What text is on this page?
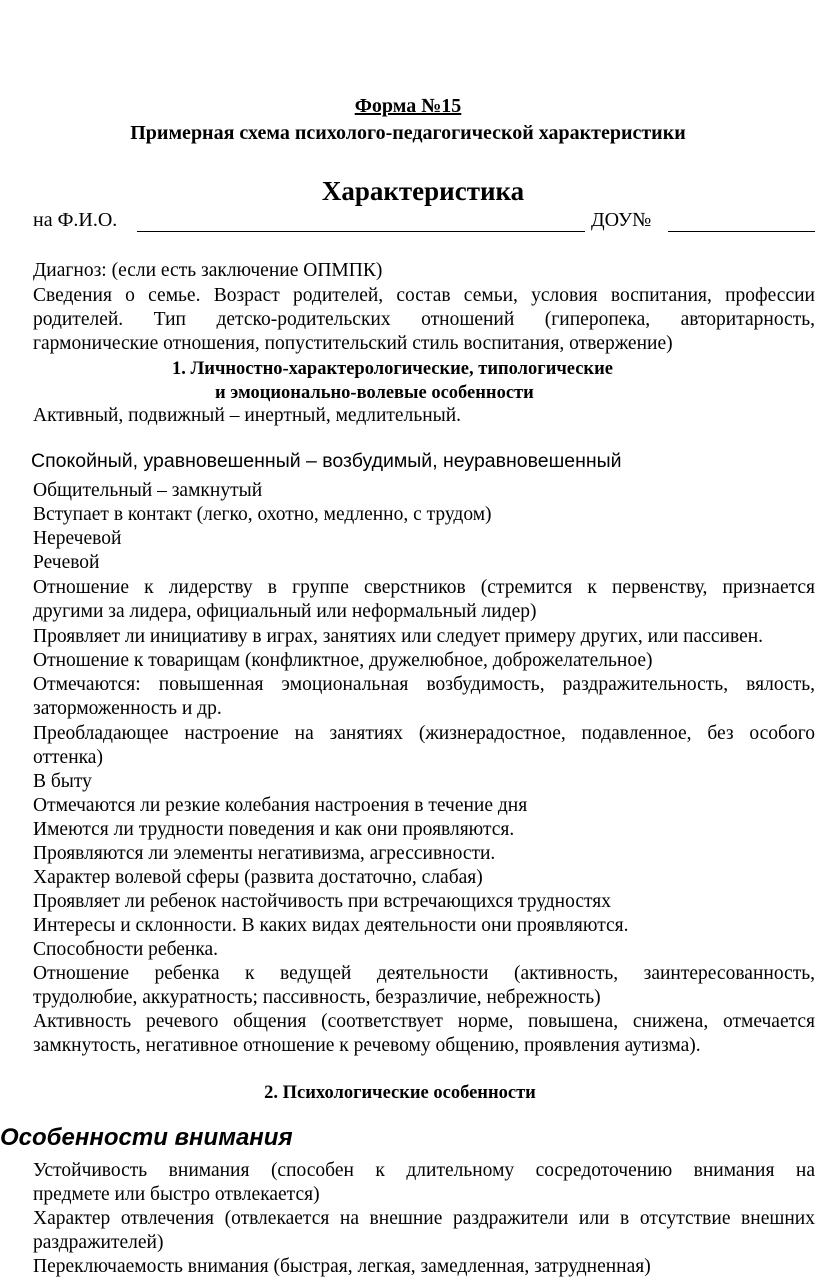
Форма №15
Примерная схема психолого-педагогической характеристики
Характеристика
на Ф.И.О.	ДОУ№
Диагноз: (если есть заключение ОПМПК)
Сведения о семье. Возраст родителей, состав семьи, условия воспитания, професcии
родителей. Тип детско-родительских отношений (гиперопека, авторитарность,
гармонические отношения, попустительский стиль воспитания, отвержение)
1. Личностно-характерологические, типологические
и эмоционально-волевые особенности
Активный, подвижный – инертный, медлительный.
Спокойный, уравновешенный – возбудимый, неуравновешенный
Общительный – замкнутый
Вступает в контакт (легко, охотно, медленно, с трудом)
Неречевой
Речевой
Отношение к лидерству в группе сверстников (стремится к первенству, признается
другими за лидера, официальный или неформальный лидер)
Проявляет ли инициативу в играх, занятиях или следует примеру других, или пассивен.
Отношение к товарищам (конфликтное, дружелюбное, доброжелательное)
Отмечаются: повышенная эмоциональная возбудимость, раздражительность, вялость,
заторможенность и др.
Преобладающее настроение на занятиях (жизнерадостное, подавленное, без особого
оттенка)
В быту
Отмечаются ли резкие колебания настроения в течение дня
Имеются ли трудности поведения и как они проявляются.
Проявляются ли элементы негативизма, агрессивности.
Характер волевой сферы (развита достаточно, слабая)
Проявляет ли ребенок настойчивость при встречающихся трудностях
Интересы и склонности. В каких видах деятельности они проявляются.
Способности ребенка.
Отношение ребенка к ведущей деятельности (активность, заинтересованность,
трудолюбие, аккуратность; пассивность, безразличие, небрежность)
Активность речевого общения (соответствует норме, повышена, снижена, отмечается
замкнутость, негативное отношение к речевому общению, проявления аутизма).
2. Психологические особенности
Особенности внимания
Устойчивость внимания (способен к длительному сосредоточению внимания на
предмете или быстро отвлекается)
Характер отвлечения (отвлекается на внешние раздражители или в отсутствие внешних
раздражителей)
Переключаемость внимания (быстрая, легкая, замедленная, затрудненная)
